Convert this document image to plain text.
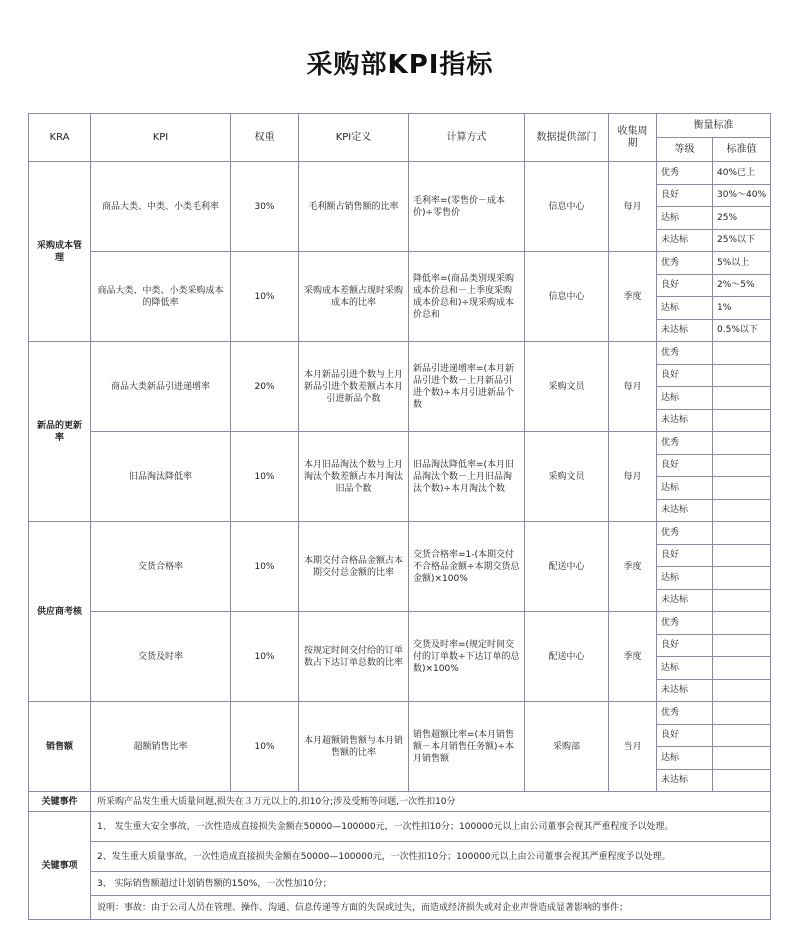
采购部KPI指标
KRA	KPI	权重	KPI定义	计算方式	数据提供部门	收集周期	衡量标准	
							等级	标准值
采购成本管理	商品大类、中类、小类毛利率	30%	毛利额占销售额的比率	毛利率=(零售价－成本价)÷零售价	信息中心	每月	优秀	40%已上
							良好	30%～40%
							达标	25%
							未达标	25%以下
	商品大类、中类、小类采购成本的降低率	10%	采购成本差额占现时采购成本的比率	降低率=(商品类别现采购成本价总和－上季度采购成本价总和)÷现采购成本价总和	信息中心	季度	优秀	5%以上
							良好	2%～5%
							达标	1%
							未达标	0.5%以下
新品的更新率	商品大类新品引进递增率	20%	本月新品引进个数与上月新品引进个数差额占本月引进新品个数	新品引进递增率=(本月新品引进个数－上月新品引进个数)÷本月引进新品个数	采购文员	每月	优秀	
							良好	
							达标	
							未达标	
	旧品淘汰降低率	10%	本月旧品淘汰个数与上月淘汰个数差额占本月淘汰旧品个数	旧品淘汰降低率=(本月旧品淘汰个数－上月旧品淘汰个数)÷本月淘汰个数	采购文员	每月	优秀	
							良好	
							达标	
							未达标	
供应商考核	交货合格率	10%	本期交付合格品金额占本期交付总金额的比率	交货合格率=1-(本期交付不合格品金额÷本期交货总金额)×100%	配送中心	季度	优秀	
							良好	
							达标	
							未达标	
	交货及时率	10%	按规定时间交付给的订单数占下达订单总数的比率	交货及时率=(规定时间交付的订单数÷下达订单的总数)×100%	配送中心	季度	优秀	
							良好	
							达标	
							未达标	
销售额	超额销售比率	10%	本月超额销售额与本月销售额的比率	销售超额比率=(本月销售额－本月销售任务额)÷本月销售额	采购部	当月	优秀	
							良好	
							达标	
							未达标	
关键事件	所采购产品发生重大质量问题,损失在３万元以上的,扣10分;涉及受贿等问题,一次性扣10分							
关键事项	1、 发生重大安全事故，一次性造成直接损失金额在50000—100000元，一次性扣10分；100000元以上由公司董事会视其严重程度予以处理。							
	2、发生重大质量事故，一次性造成直接损失金额在50000—100000元，一次性扣10分；100000元以上由公司董事会视其严重程度予以处理。							
	3、 实际销售额超过计划销售额的150%，一次性加10分；							
	说明：事故：由于公司人员在管理、操作、沟通、信息传递等方面的失误或过失，而造成经济损失或对企业声誉造成显著影响的事件；							
